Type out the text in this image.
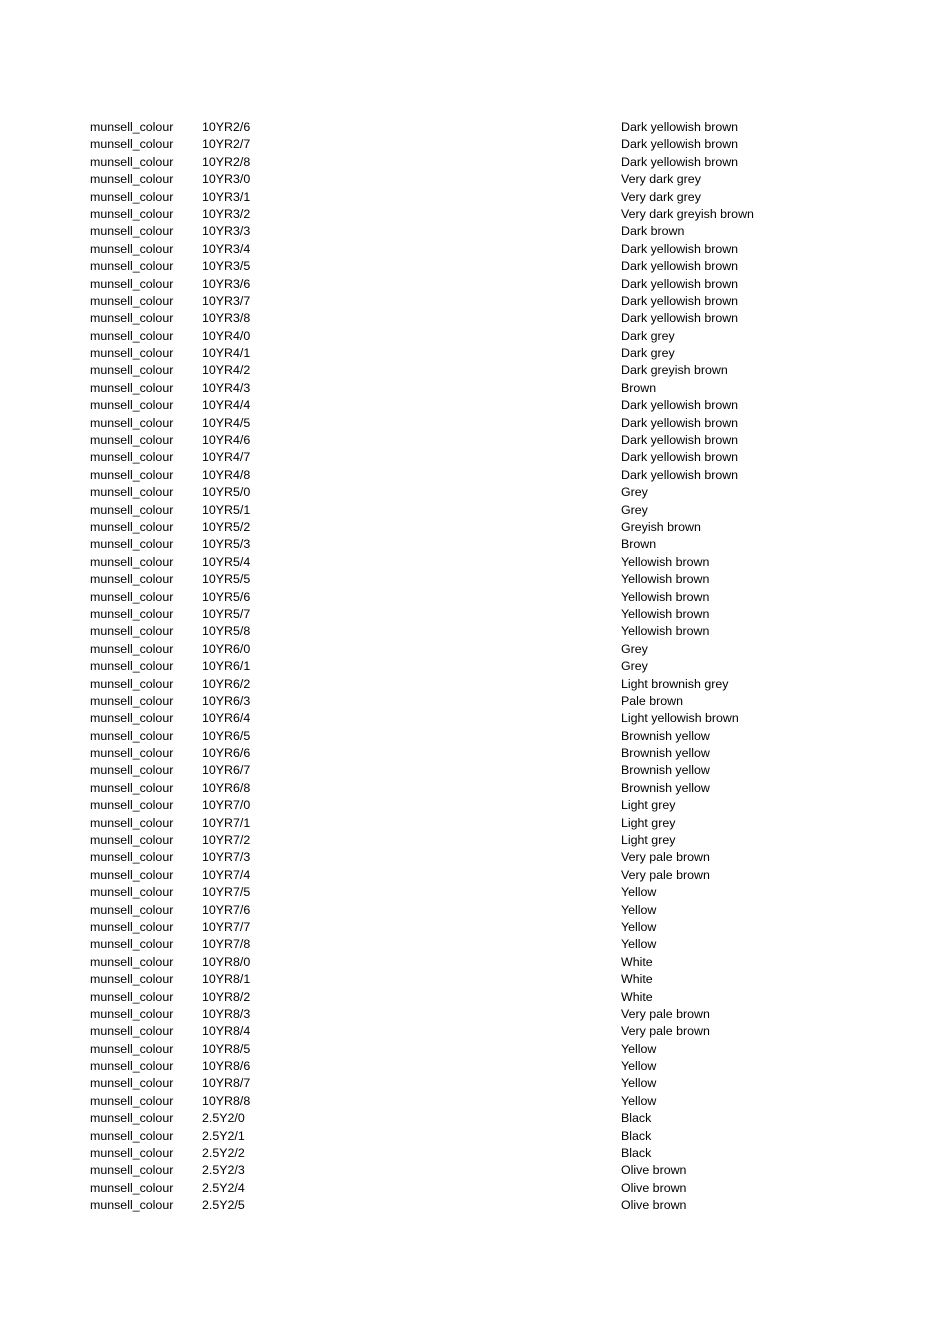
munsell_colour 10YR2/6	Dark yellowish brown
munsell_colour 10YR2/7	Dark yellowish brown
munsell_colour 10YR2/8	Dark yellowish brown
munsell_colour 10YR3/0	Very dark grey
munsell_colour 10YR3/1	Very dark grey
munsell_colour 10YR3/2	Very dark greyish brown
munsell_colour 10YR3/3	Dark brown
munsell_colour 10YR3/4	Dark yellowish brown
munsell_colour 10YR3/5	Dark yellowish brown
munsell_colour 10YR3/6	Dark yellowish brown
munsell_colour 10YR3/7	Dark yellowish brown
munsell_colour 10YR3/8	Dark yellowish brown
munsell_colour 10YR4/0	Dark grey
munsell_colour 10YR4/1	Dark grey
munsell_colour 10YR4/2	Dark greyish brown
munsell_colour 10YR4/3	Brown
munsell_colour 10YR4/4	Dark yellowish brown
munsell_colour 10YR4/5	Dark yellowish brown
munsell_colour 10YR4/6	Dark yellowish brown
munsell_colour 10YR4/7	Dark yellowish brown
munsell_colour 10YR4/8	Dark yellowish brown
munsell_colour 10YR5/0	Grey
munsell_colour 10YR5/1	Grey
munsell_colour 10YR5/2	Greyish brown
munsell_colour 10YR5/3	Brown
munsell_colour 10YR5/4	Yellowish brown
munsell_colour 10YR5/5	Yellowish brown
munsell_colour 10YR5/6	Yellowish brown
munsell_colour 10YR5/7	Yellowish brown
munsell_colour 10YR5/8	Yellowish brown
munsell_colour 10YR6/0	Grey
munsell_colour 10YR6/1	Grey
munsell_colour 10YR6/2	Light brownish grey
munsell_colour 10YR6/3	Pale brown
munsell_colour 10YR6/4	Light yellowish brown
munsell_colour 10YR6/5	Brownish yellow
munsell_colour 10YR6/6	Brownish yellow
munsell_colour 10YR6/7	Brownish yellow
munsell_colour 10YR6/8	Brownish yellow
munsell_colour 10YR7/0	Light grey
munsell_colour 10YR7/1	Light grey
munsell_colour 10YR7/2	Light grey
munsell_colour 10YR7/3	Very pale brown
munsell_colour 10YR7/4	Very pale brown
munsell_colour 10YR7/5	Yellow
munsell_colour 10YR7/6	Yellow
munsell_colour 10YR7/7	Yellow
munsell_colour 10YR7/8	Yellow
munsell_colour 10YR8/0	White
munsell_colour 10YR8/1	White
munsell_colour 10YR8/2	White
munsell_colour 10YR8/3	Very pale brown
munsell_colour 10YR8/4	Very pale brown
munsell_colour 10YR8/5	Yellow
munsell_colour 10YR8/6	Yellow
munsell_colour 10YR8/7	Yellow
munsell_colour 10YR8/8	Yellow
munsell_colour 2.5Y2/0	Black
munsell_colour 2.5Y2/1	Black
munsell_colour 2.5Y2/2	Black
munsell_colour 2.5Y2/3	Olive brown
munsell_colour 2.5Y2/4	Olive brown
munsell_colour 2.5Y2/5	Olive brown
